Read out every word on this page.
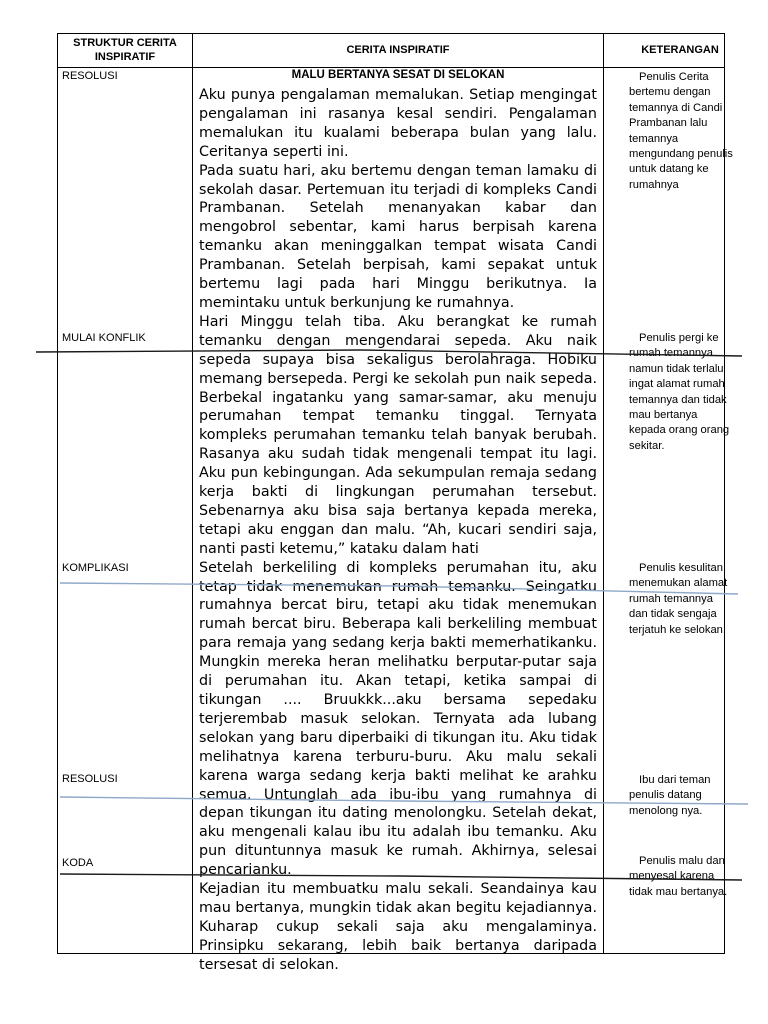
STRUKTUR CERITA INSPIRATIF
CERITA INSPIRATIF	KETERANGAN
RESOLUSI
MULAI KONFLIK
KOMPLIKASI
RESOLUSI
KODA
MALU BERTANYA SESAT DI SELOKAN

Aku punya pengalaman memalukan. Setiap mengingat pengalaman ini rasanya kesal sendiri. Pengalaman memalukan itu kualami beberapa bulan yang lalu. Ceritanya seperti ini.

Pada suatu hari, aku bertemu dengan teman lamaku di sekolah dasar. Pertemuan itu terjadi di kompleks Candi Prambanan. Setelah menanyakan kabar dan mengobrol sebentar, kami harus berpisah karena temanku akan meninggalkan tempat wisata Candi Prambanan. Setelah berpisah, kami sepakat untuk bertemu lagi pada hari Minggu berikutnya. Ia memintaku untuk berkunjung ke rumahnya.

Hari Minggu telah tiba. Aku berangkat ke rumah temanku dengan mengendarai sepeda. Aku naik sepeda supaya bisa sekaligus berolahraga. Hobiku memang bersepeda. Pergi ke sekolah pun naik sepeda. Berbekal ingatanku yang samar-samar, aku menuju perumahan tempat temanku tinggal. Ternyata kompleks perumahan temanku telah banyak berubah. Rasanya aku sudah tidak mengenali tempat itu lagi. Aku pun kebingungan. Ada sekumpulan remaja sedang kerja bakti di lingkungan perumahan tersebut. Sebenarnya aku bisa saja bertanya kepada mereka, tetapi aku enggan dan malu. “Ah, kucari sendiri saja, nanti pasti ketemu,” kataku dalam hati

Setelah berkeliling di kompleks perumahan itu, aku tetap tidak menemukan rumah temanku. Seingatku rumahnya bercat biru, tetapi aku tidak menemukan rumah bercat biru. Beberapa kali berkeliling membuat para remaja yang sedang kerja bakti memerhatikanku. Mungkin mereka heran melihatku berputar-putar saja di perumahan itu. Akan tetapi, ketika sampai di tikungan .... Bruukkk...aku bersama sepedaku terjerembab masuk selokan. Ternyata ada lubang selokan yang baru diperbaiki di tikungan itu. Aku tidak melihatnya karena terburu-buru. Aku malu sekali karena warga sedang kerja bakti melihat ke arahku semua. Untunglah ada ibu-ibu yang rumahnya di depan tikungan itu dating menolongku. Setelah dekat, aku mengenali kalau ibu itu adalah ibu temanku. Aku pun dituntunnya masuk ke rumah. Akhirnya, selesai pencarianku.

Kejadian itu membuatku malu sekali. Seandainya kau mau bertanya, mungkin tidak akan begitu kejadiannya. Kuharap cukup sekali saja aku mengalaminya. Prinsipku sekarang, lebih baik bertanya daripada tersesat di selokan.

Penulis Cerita bertemu dengan temannya di Candi Prambanan lalu temannya mengundang penulis untuk datang ke rumahnya
Penulis pergi ke rumah temannya namun tidak terlalu ingat alamat rumah temannya dan tidak mau bertanya kepada orang orang sekitar.
Penulis kesulitan menemukan alamat rumah temannya dan tidak sengaja terjatuh ke selokan.
Ibu dari teman penulis datang menolong nya.
Penulis malu dan menyesal karena tidak mau bertanya.
